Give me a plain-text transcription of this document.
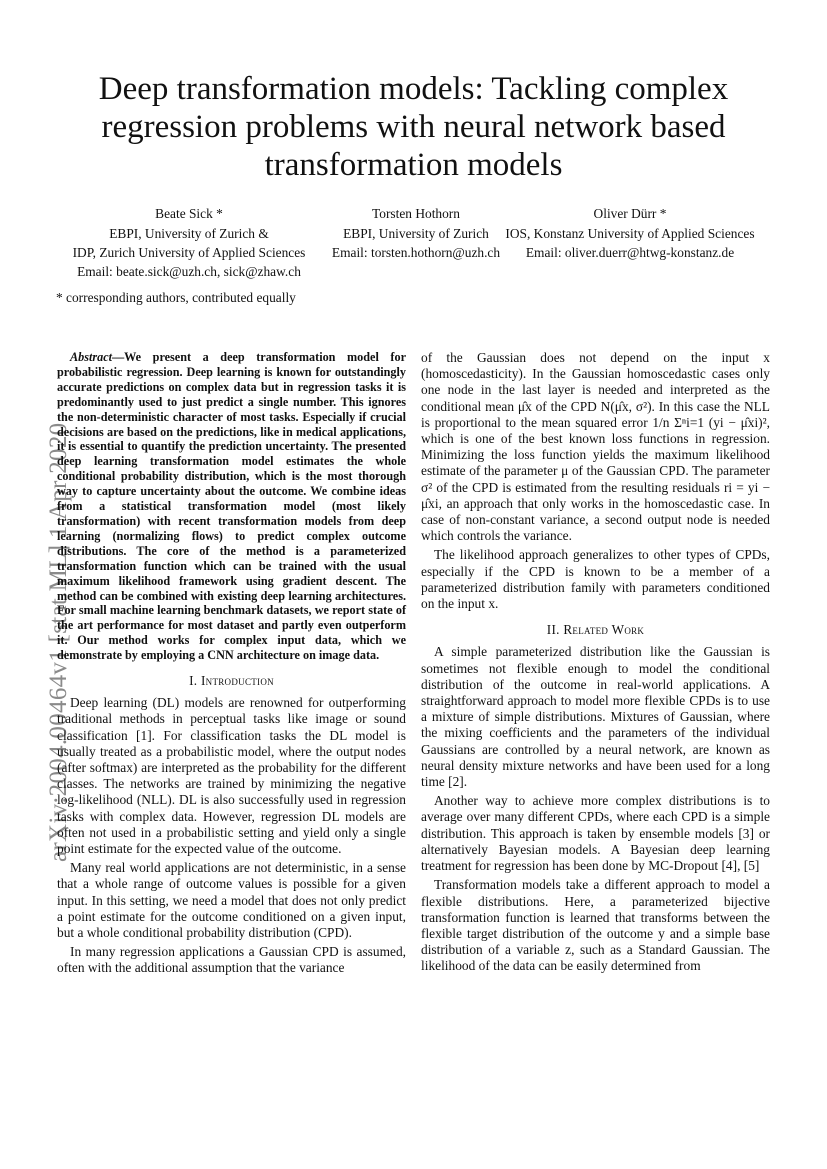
Deep transformation models: Tackling complex regression problems with neural network based transformation models

Beate Sick *

EBPI, University of Zurich &

IDP, Zurich University of Applied Sciences

Email: beate.sick@uzh.ch, sick@zhaw.ch

Torsten Hothorn

EBPI, University of Zurich

Email: torsten.hothorn@uzh.ch

Oliver Dürr *

IOS, Konstanz University of Applied Sciences

Email: oliver.duerr@htwg-konstanz.de

* corresponding authors, contributed equally
arXiv:2004.00464v1 [stat.ML] 1 Apr 2020

Abstract—We present a deep transformation model for probabilistic regression. Deep learning is known for outstandingly accurate predictions on complex data but in regression tasks it is predominantly used to just predict a single number. This ignores the non-deterministic character of most tasks. Especially if crucial decisions are based on the predictions, like in medical applications, it is essential to quantify the prediction uncertainty. The presented deep learning transformation model estimates the whole conditional probability distribution, which is the most thorough way to capture uncertainty about the outcome. We combine ideas from a statistical transformation model (most likely transformation) with recent transformation models from deep learning (normalizing flows) to predict complex outcome distributions. The core of the method is a parameterized transformation function which can be trained with the usual maximum likelihood framework using gradient descent. The method can be combined with existing deep learning architectures. For small machine learning benchmark datasets, we report state of the art performance for most dataset and partly even outperform it. Our method works for complex input data, which we demonstrate by employing a CNN architecture on image data.

I. Introduction

Deep learning (DL) models are renowned for outperforming traditional methods in perceptual tasks like image or sound classification [1]. For classification tasks the DL model is usually treated as a probabilistic model, where the output nodes (after softmax) are interpreted as the probability for the different classes. The networks are trained by minimizing the negative log-likelihood (NLL). DL is also successfully used in regression tasks with complex data. However, regression DL models are often not used in a probabilistic setting and yield only a single point estimate for the expected value of the outcome.

Many real world applications are not deterministic, in a sense that a whole range of outcome values is possible for a given input. In this setting, we need a model that does not only predict a point estimate for the outcome conditioned on a given input, but a whole conditional probability distribution (CPD).

In many regression applications a Gaussian CPD is assumed, often with the additional assumption that the variance

of the Gaussian does not depend on the input x (homoscedasticity). In the Gaussian homoscedastic cases only one node in the last layer is needed and interpreted as the conditional mean μ̂x of the CPD N(μ̂x, σ²). In this case the NLL is proportional to the mean squared error 1/n Σⁿi=1 (yi − μ̂xi)², which is one of the best known loss functions in regression. Minimizing the loss function yields the maximum likelihood estimate of the parameter μ of the Gaussian CPD. The parameter σ² of the CPD is estimated from the resulting residuals ri = yi − μ̂xi, an approach that only works in the homoscedastic case. In case of non-constant variance, a second output node is needed which controls the variance.

The likelihood approach generalizes to other types of CPDs, especially if the CPD is known to be a member of a parameterized distribution family with parameters conditioned on the input x.

II. Related Work

A simple parameterized distribution like the Gaussian is sometimes not flexible enough to model the conditional distribution of the outcome in real-world applications. A straightforward approach to model more flexible CPDs is to use a mixture of simple distributions. Mixtures of Gaussian, where the mixing coefficients and the parameters of the individual Gaussians are controlled by a neural network, are known as neural density mixture networks and have been used for a long time [2].

Another way to achieve more complex distributions is to average over many different CPDs, where each CPD is a simple distribution. This approach is taken by ensemble models [3] or alternatively Bayesian models. A Bayesian deep learning treatment for regression has been done by MC-Dropout [4], [5]

Transformation models take a different approach to model a flexible distributions. Here, a parameterized bijective transformation function is learned that transforms between the flexible target distribution of the outcome y and a simple base distribution of a variable z, such as a Standard Gaussian. The likelihood of the data can be easily determined from
